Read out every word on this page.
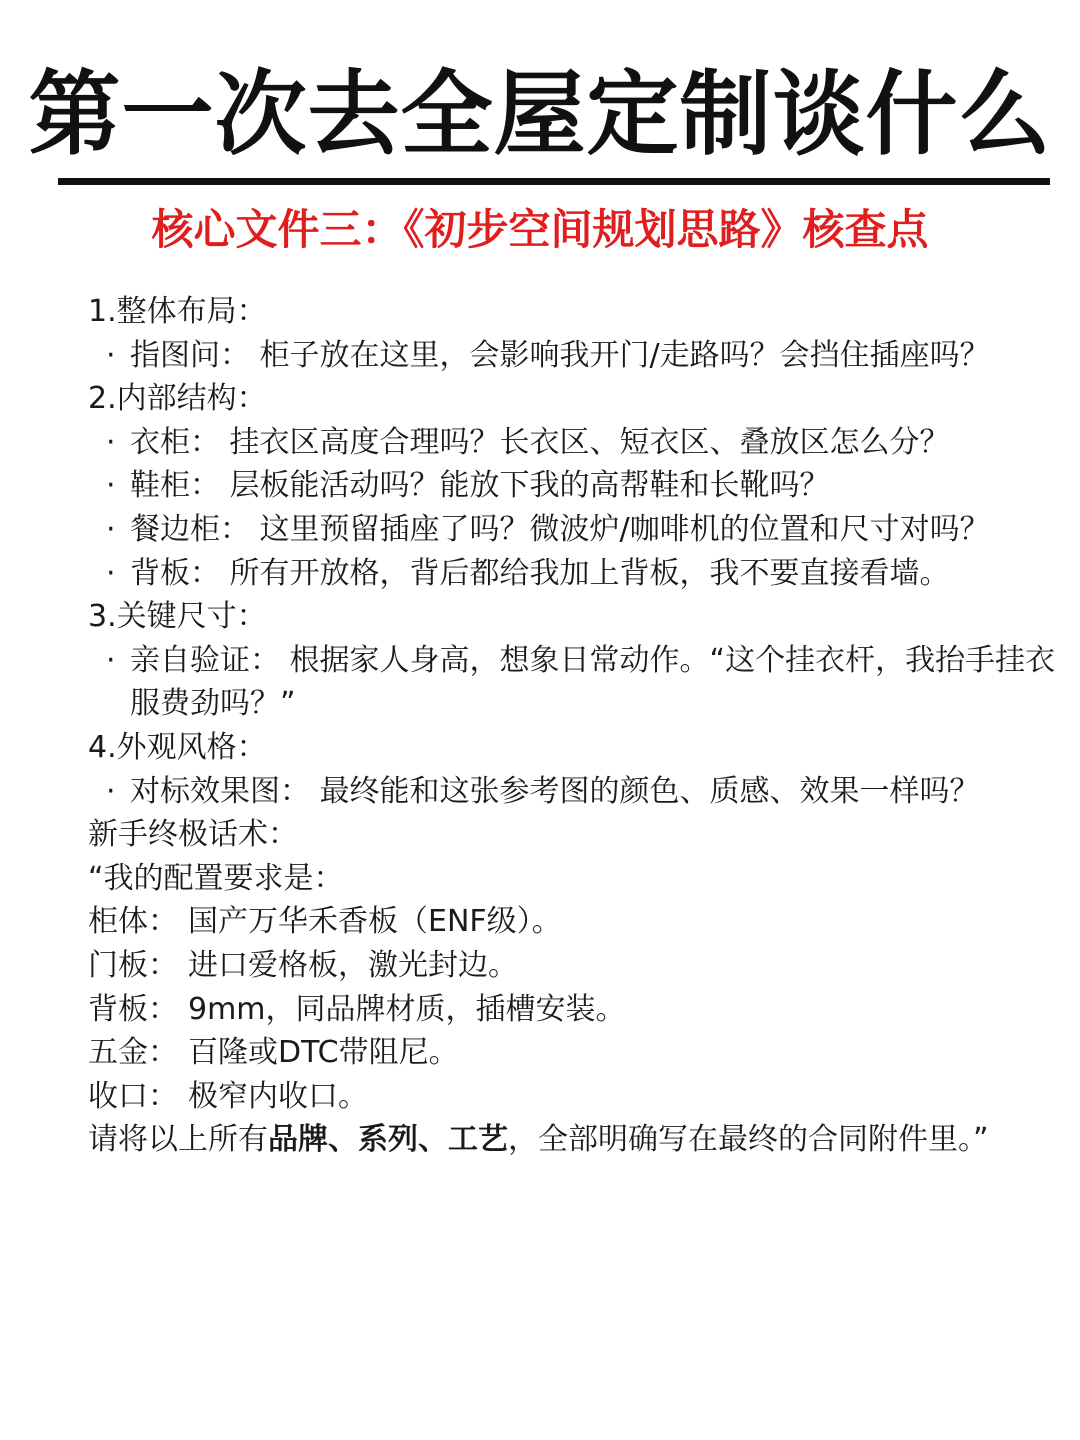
第一次去全屋定制谈什么
核心文件三：《初步空间规划思路》核查点

1.整体布局：

· 指图问： 柜子放在这里，会影响我开门/走路吗？会挡住插座吗？

2.内部结构：

· 衣柜： 挂衣区高度合理吗？长衣区、短衣区、叠放区怎么分？

· 鞋柜： 层板能活动吗？能放下我的高帮鞋和长靴吗？

· 餐边柜： 这里预留插座了吗？微波炉/咖啡机的位置和尺寸对吗？

· 背板： 所有开放格，背后都给我加上背板，我不要直接看墙。

3.关键尺寸：

· 亲自验证： 根据家人身高，想象日常动作。“这个挂衣杆，我抬手挂衣服费劲吗？”

4.外观风格：

· 对标效果图： 最终能和这张参考图的颜色、质感、效果一样吗？

新手终极话术：

“我的配置要求是：

柜体： 国产万华禾香板（ENF级）。

门板： 进口爱格板，激光封边。

背板： 9mm，同品牌材质，插槽安装。

五金： 百隆或DTC带阻尼。

收口： 极窄内收口。

请将以上所有品牌、系列、工艺，全部明确写在最终的合同附件里。”
